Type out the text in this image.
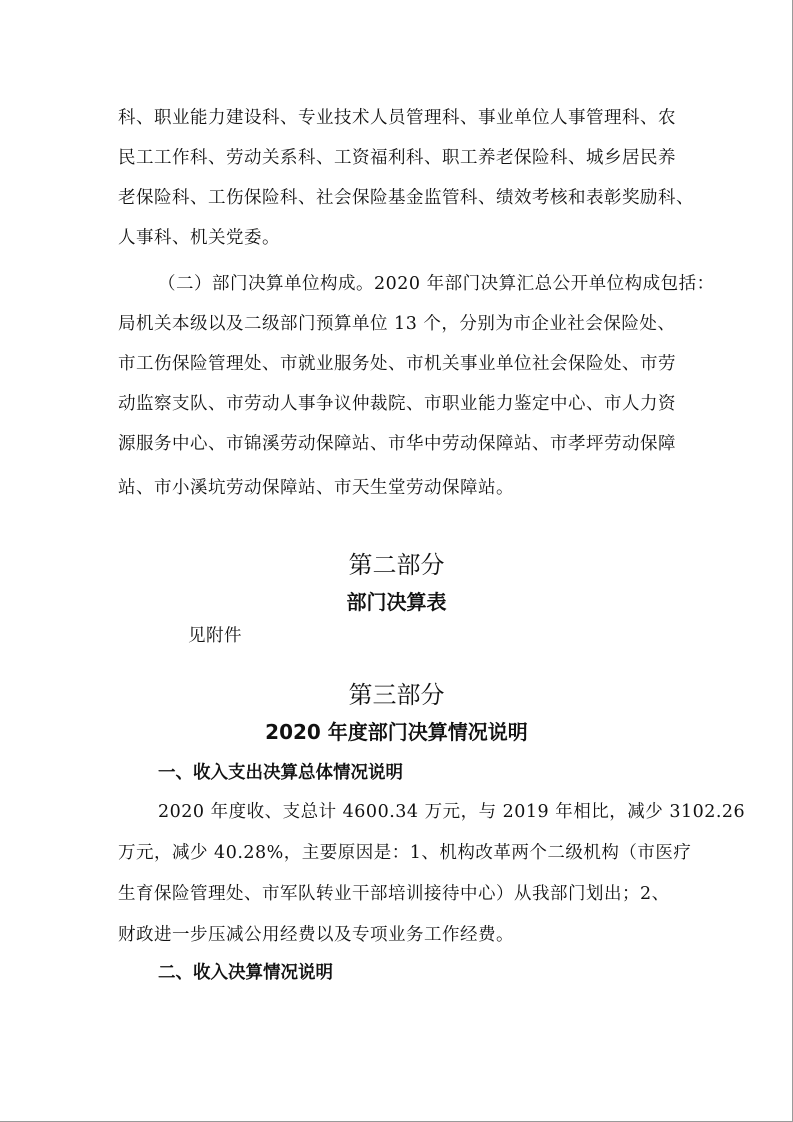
科、职业能力建设科、专业技术人员管理科、事业单位人事管理科、农
民工工作科、劳动关系科、工资福利科、职工养老保险科、城乡居民养
老保险科、工伤保险科、社会保险基金监管科、绩效考核和表彰奖励科、
人事科、机关党委。
（二）部门决算单位构成。2020 年部门决算汇总公开单位构成包括：
局机关本级以及二级部门预算单位 13 个，分别为市企业社会保险处、
市工伤保险管理处、市就业服务处、市机关事业单位社会保险处、市劳
动监察支队、市劳动人事争议仲裁院、市职业能力鉴定中心、市人力资
源服务中心、市锦溪劳动保障站、市华中劳动保障站、市孝坪劳动保障
站、市小溪坑劳动保障站、市天生堂劳动保障站。
第二部分
部门决算表
见附件
第三部分
2020 年度部门决算情况说明
一、收入支出决算总体情况说明
2020 年度收、支总计 4600.34 万元，与 2019 年相比，减少 3102.26
万元，减少 40.28%，主要原因是：1、机构改革两个二级机构（市医疗
生育保险管理处、市军队转业干部培训接待中心）从我部门划出；2、
财政进一步压减公用经费以及专项业务工作经费。
二、收入决算情况说明
